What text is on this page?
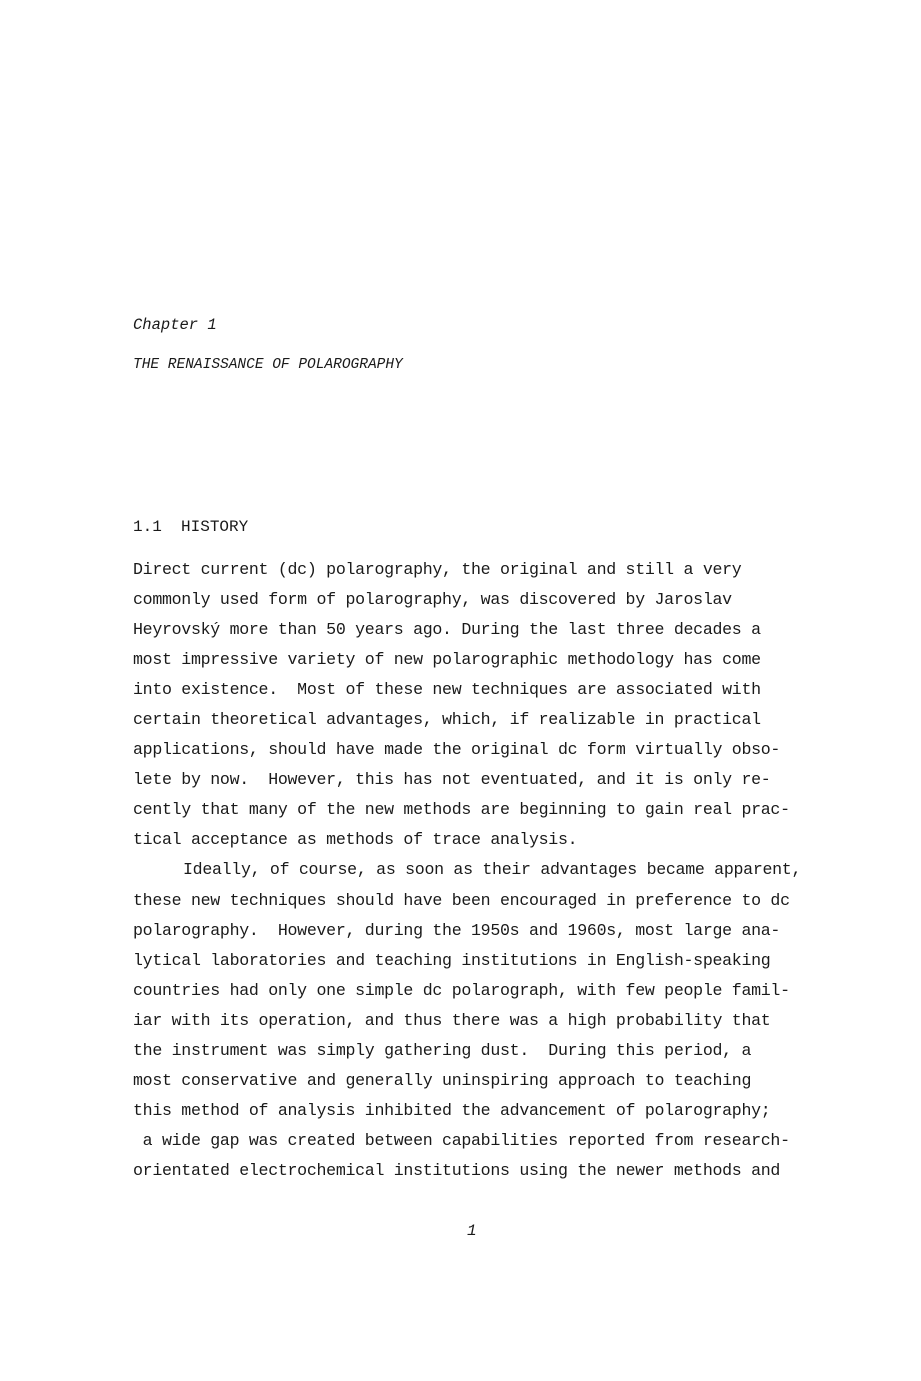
Chapter 1
THE RENAISSANCE OF POLAROGRAPHY
1.1  HISTORY
Direct current (dc) polarography, the original and still a very
commonly used form of polarography, was discovered by Jaroslav
Heyrovský more than 50 years ago. During the last three decades a
most impressive variety of new polarographic methodology has come
into existence.  Most of these new techniques are associated with
certain theoretical advantages, which, if realizable in practical
applications, should have made the original dc form virtually obso-
lete by now.  However, this has not eventuated, and it is only re-
cently that many of the new methods are beginning to gain real prac-
tical acceptance as methods of trace analysis.
Ideally, of course, as soon as their advantages became apparent,
these new techniques should have been encouraged in preference to dc
polarography.  However, during the 1950s and 1960s, most large ana-
lytical laboratories and teaching institutions in English-speaking
countries had only one simple dc polarograph, with few people famil-
iar with its operation, and thus there was a high probability that
the instrument was simply gathering dust.  During this period, a
most conservative and generally uninspiring approach to teaching
this method of analysis inhibited the advancement of polarography;
a wide gap was created between capabilities reported from research-
orientated electrochemical institutions using the newer methods and
1
